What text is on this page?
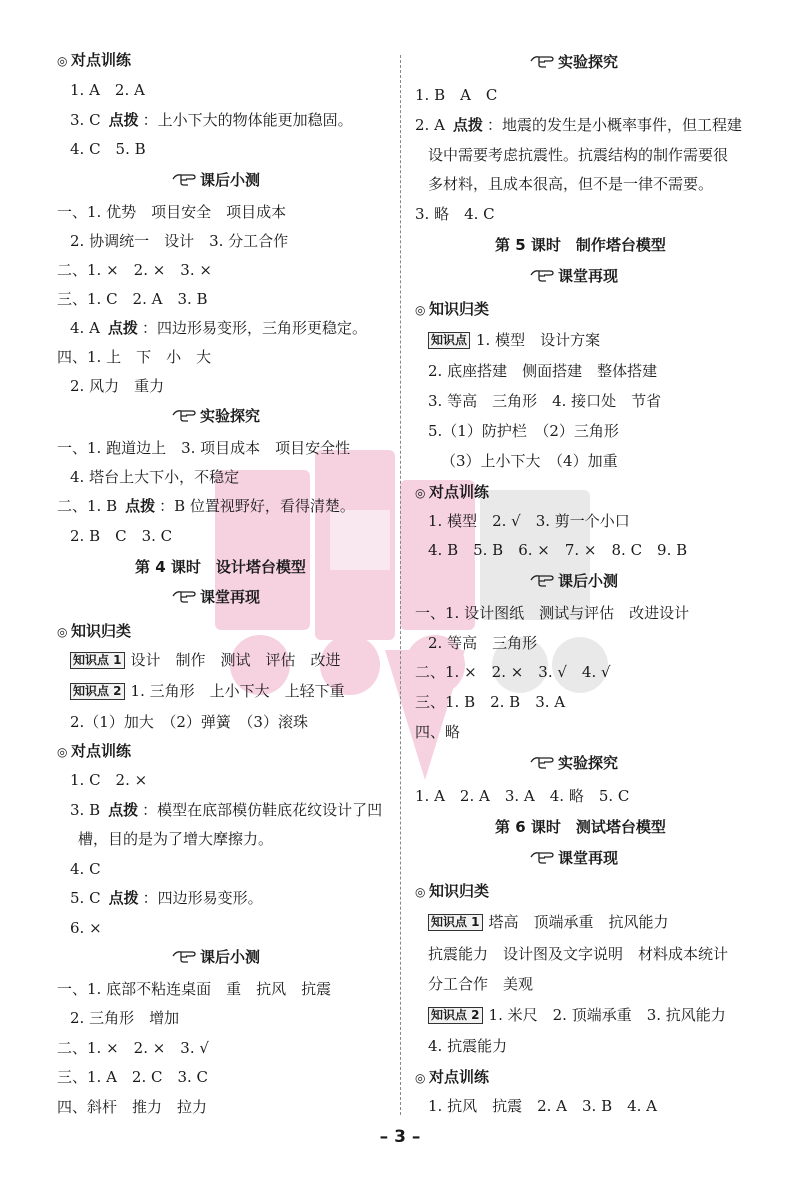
◎ 对点训练
1. A　2. A
3. C 点拨 ：上小下大的物体能更加稳固。
4. C　5. B
课后小测
一、1. 优势　项目安全　项目成本
2. 协调统一　设计　3. 分工合作
二、1. ×　2. ×　3. ×
三、1. C　2. A　3. B
4. A 点拨 ：四边形易变形，三角形更稳定。
四、1. 上　下　小　大
2. 风力　重力
实验探究
一、1. 跑道边上　3. 项目成本　项目安全性
4. 塔台上大下小，不稳定
二、1. B 点拨 ：B 位置视野好，看得清楚。
2. B　C　3. C
第 4 课时　设计塔台模型
课堂再现
◎ 知识归类
知识点 1 设计　制作　测试　评估　改进
知识点 2 1. 三角形　上小下大　上轻下重
2.（1）加大　（2）弹簧　（3）滚珠
◎ 对点训练
1. C　2. ×
3. B 点拨 ：模型在底部模仿鞋底花纹设计了凹
槽，目的是为了增大摩擦力。
4. C
5. C 点拨 ：四边形易变形。
6. ×
课后小测
一、1. 底部不粘连桌面　重　抗风　抗震
2. 三角形　增加
二、1. ×　2. ×　3. √
三、1. A　2. C　3. C
四、斜杆　推力　拉力
实验探究
1. B　A　C
2. A 点拨 ：地震的发生是小概率事件，但工程建
设中需要考虑抗震性。抗震结构的制作需要很
多材料，且成本很高，但不是一律不需要。
3. 略　4. C
第 5 课时　制作塔台模型
课堂再现
◎ 知识归类
知识点 1. 模型　设计方案
2. 底座搭建　侧面搭建　整体搭建
3. 等高　三角形　4. 接口处　节省
5.（1）防护栏　（2）三角形
（3）上小下大　（4）加重
◎ 对点训练
1. 模型　2. √　3. 剪一个小口
4. B　5. B　6. ×　7. ×　8. C　9. B
课后小测
一、1. 设计图纸　测试与评估　改进设计
2. 等高　三角形
二、1. ×　2. ×　3. √　4. √
三、1. B　2. B　3. A
四、略
实验探究
1. A　2. A　3. A　4. 略　5. C
第 6 课时　测试塔台模型
课堂再现
◎ 知识归类
知识点 1 塔高　顶端承重　抗风能力
抗震能力　设计图及文字说明　材料成本统计
分工合作　美观
知识点 2 1. 米尺　2. 顶端承重　3. 抗风能力
4. 抗震能力
◎ 对点训练
1. 抗风　抗震　2. A　3. B　4. A
– 3 –
